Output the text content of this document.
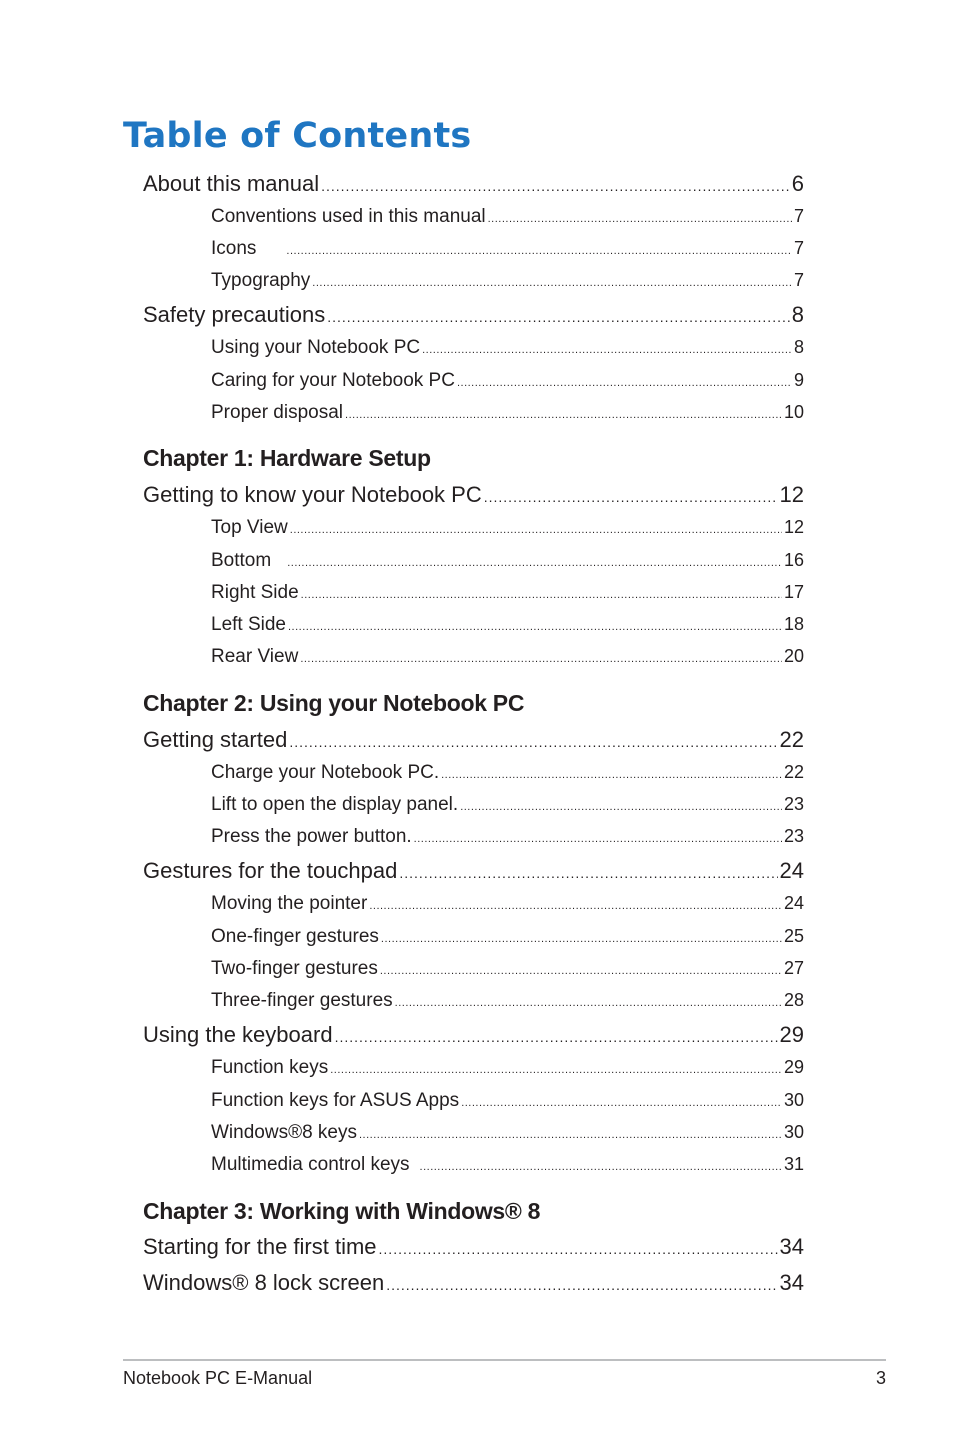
Table of Contents
About this manual .....	6
Conventions used in this manual .....	7
Icons .....	7
Typography .....	7
Safety precautions .....	8
Using your Notebook PC .....	8
Caring for your Notebook PC .....	9
Proper disposal .....	10
Chapter 1: Hardware Setup
Getting to know your Notebook PC .....	12
Top View .....	12
Bottom .....	16
Right Side .....	17
Left Side .....	18
Rear View .....	20
Chapter 2: Using your Notebook PC
Getting started .....	22
Charge your Notebook PC. .....	22
Lift to open the display panel. .....	23
Press the power button. .....	23
Gestures for the touchpad .....	24
Moving the pointer .....	24
One-finger gestures .....	25
Two-finger gestures .....	27
Three-finger gestures .....	28
Using the keyboard .....	29
Function keys .....	29
Function keys for ASUS Apps .....	30
Windows®8 keys .....	30
Multimedia control keys .....	31
Chapter 3: Working with Windows® 8
Starting for the first time .....	34
Windows® 8 lock screen .....	34
Notebook PC E-Manual	3
